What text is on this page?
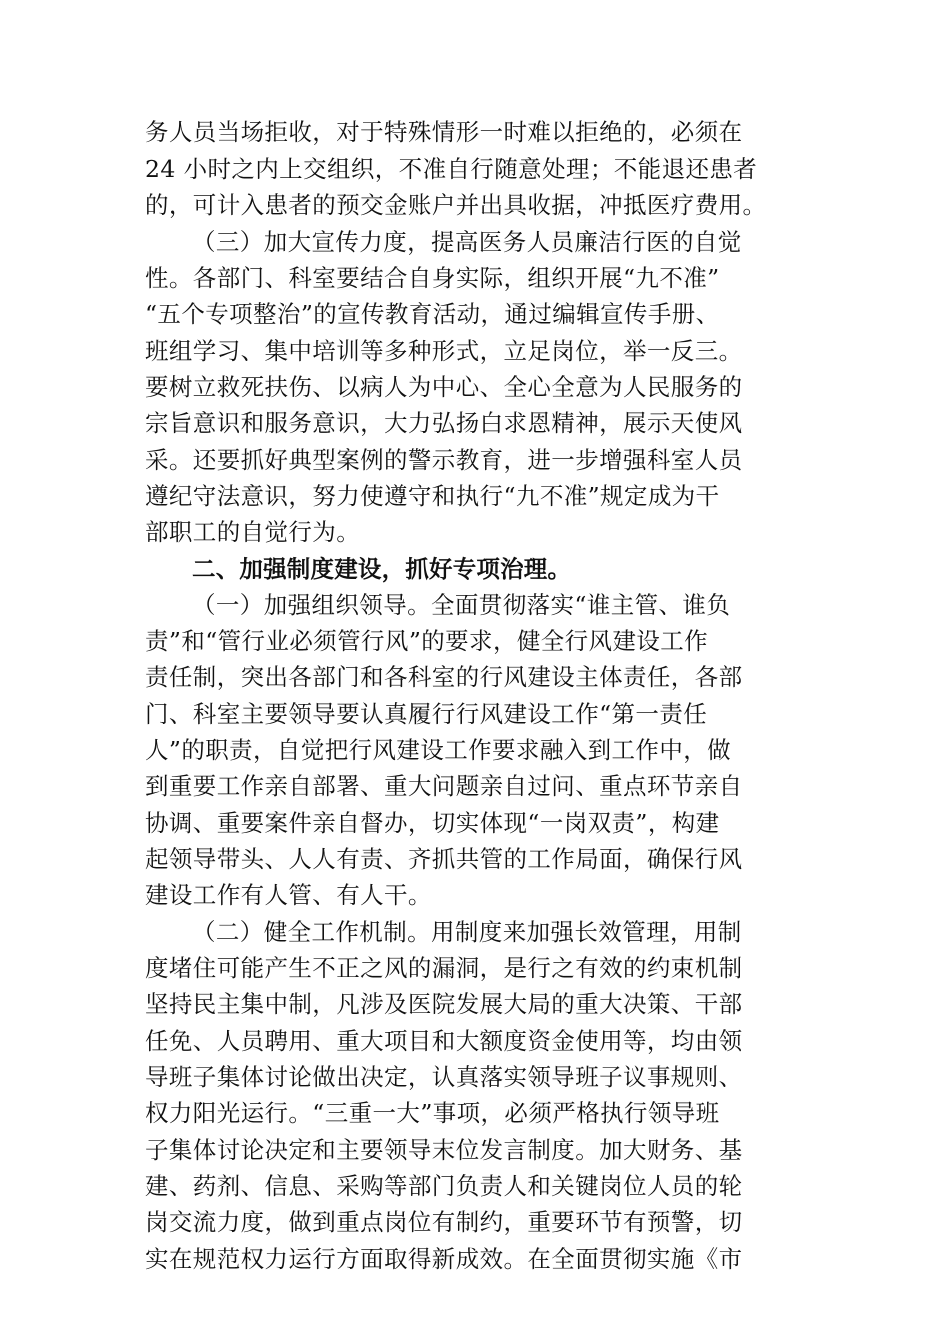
务人员当场拒收，对于特殊情形一时难以拒绝的，必须在
24 小时之内上交组织，不准自行随意处理；不能退还患者
的，可计入患者的预交金账户并出具收据，冲抵医疗费用。
（三）加大宣传力度，提高医务人员廉洁行医的自觉
性。各部门、科室要结合自身实际，组织开展“九不准”
“五个专项整治”的宣传教育活动，通过编辑宣传手册、
班组学习、集中培训等多种形式，立足岗位，举一反三。
要树立救死扶伤、以病人为中心、全心全意为人民服务的
宗旨意识和服务意识，大力弘扬白求恩精神，展示天使风
采。还要抓好典型案例的警示教育，进一步增强科室人员
遵纪守法意识，努力使遵守和执行“九不准”规定成为干
部职工的自觉行为。
二、加强制度建设，抓好专项治理。
（一）加强组织领导。全面贯彻落实“谁主管、谁负
责”和“管行业必须管行风”的要求，健全行风建设工作
责任制，突出各部门和各科室的行风建设主体责任，各部
门、科室主要领导要认真履行行风建设工作“第一责任
人”的职责，自觉把行风建设工作要求融入到工作中，做
到重要工作亲自部署、重大问题亲自过问、重点环节亲自
协调、重要案件亲自督办，切实体现“一岗双责”，构建
起领导带头、人人有责、齐抓共管的工作局面，确保行风
建设工作有人管、有人干。
（二）健全工作机制。用制度来加强长效管理，用制
度堵住可能产生不正之风的漏洞，是行之有效的约束机制
坚持民主集中制，凡涉及医院发展大局的重大决策、干部
任免、人员聘用、重大项目和大额度资金使用等，均由领
导班子集体讨论做出决定，认真落实领导班子议事规则、
权力阳光运行。“三重一大”事项，必须严格执行领导班
子集体讨论决定和主要领导末位发言制度。加大财务、基
建、药剂、信息、采购等部门负责人和关键岗位人员的轮
岗交流力度，做到重点岗位有制约，重要环节有预警，切
实在规范权力运行方面取得新成效。在全面贯彻实施《市
